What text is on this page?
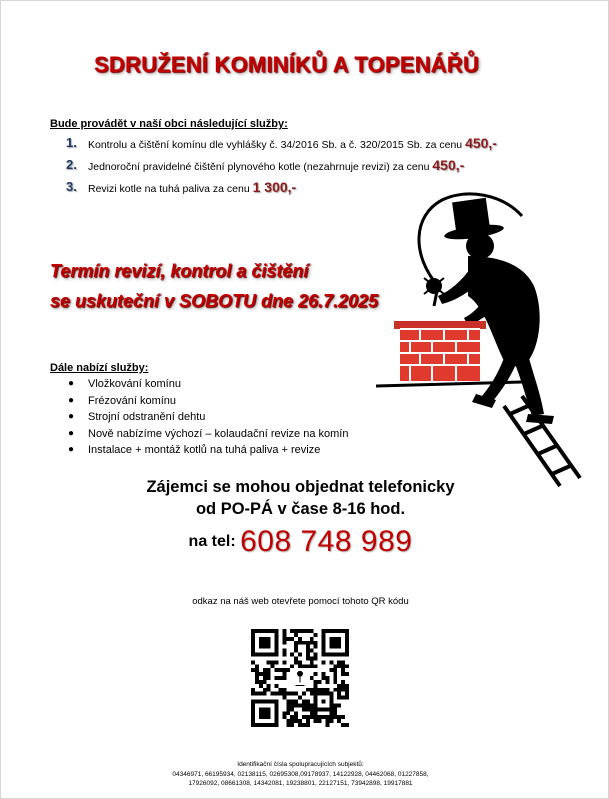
SDRUŽENÍ KOMINÍKŮ A TOPENÁŘŮ
Bude provádět v naší obci následující služby:
1. Kontrolu a čištění komínu dle vyhlášky č. 34/2016 Sb. a č. 320/2015 Sb. za cenu 450,-
2. Jednoroční pravidelné čištění plynového kotle (nezahrnuje revizi) za cenu 450,-
3. Revizi kotle na tuhá paliva za cenu 1 300,-
Termín revizí, kontrol a čištění
se uskuteční v SOBOTU dne 26.7.2025
Dále nabízí služby:
● Vložkování komínu
● Frézování komínu
● Strojní odstranění dehtu
● Nově nabízíme výchozí – kolaudační revize na komín
● Instalace + montáž kotlů na tuhá paliva + revize
Zájemci se mohou objednat telefonicky
od PO-PÁ v čase 8-16 hod.
na tel: 608 748 989
odkaz na náš web otevřete pomocí tohoto QR kódu
Identifikační čísla spolupracujících subjektů:
04346971, 66195934, 02138115, 02695308,09178937, 14122928, 04462068, 01227858,
17926092, 08661308, 14342081, 19238801, 22127151, 73942898, 19917881
